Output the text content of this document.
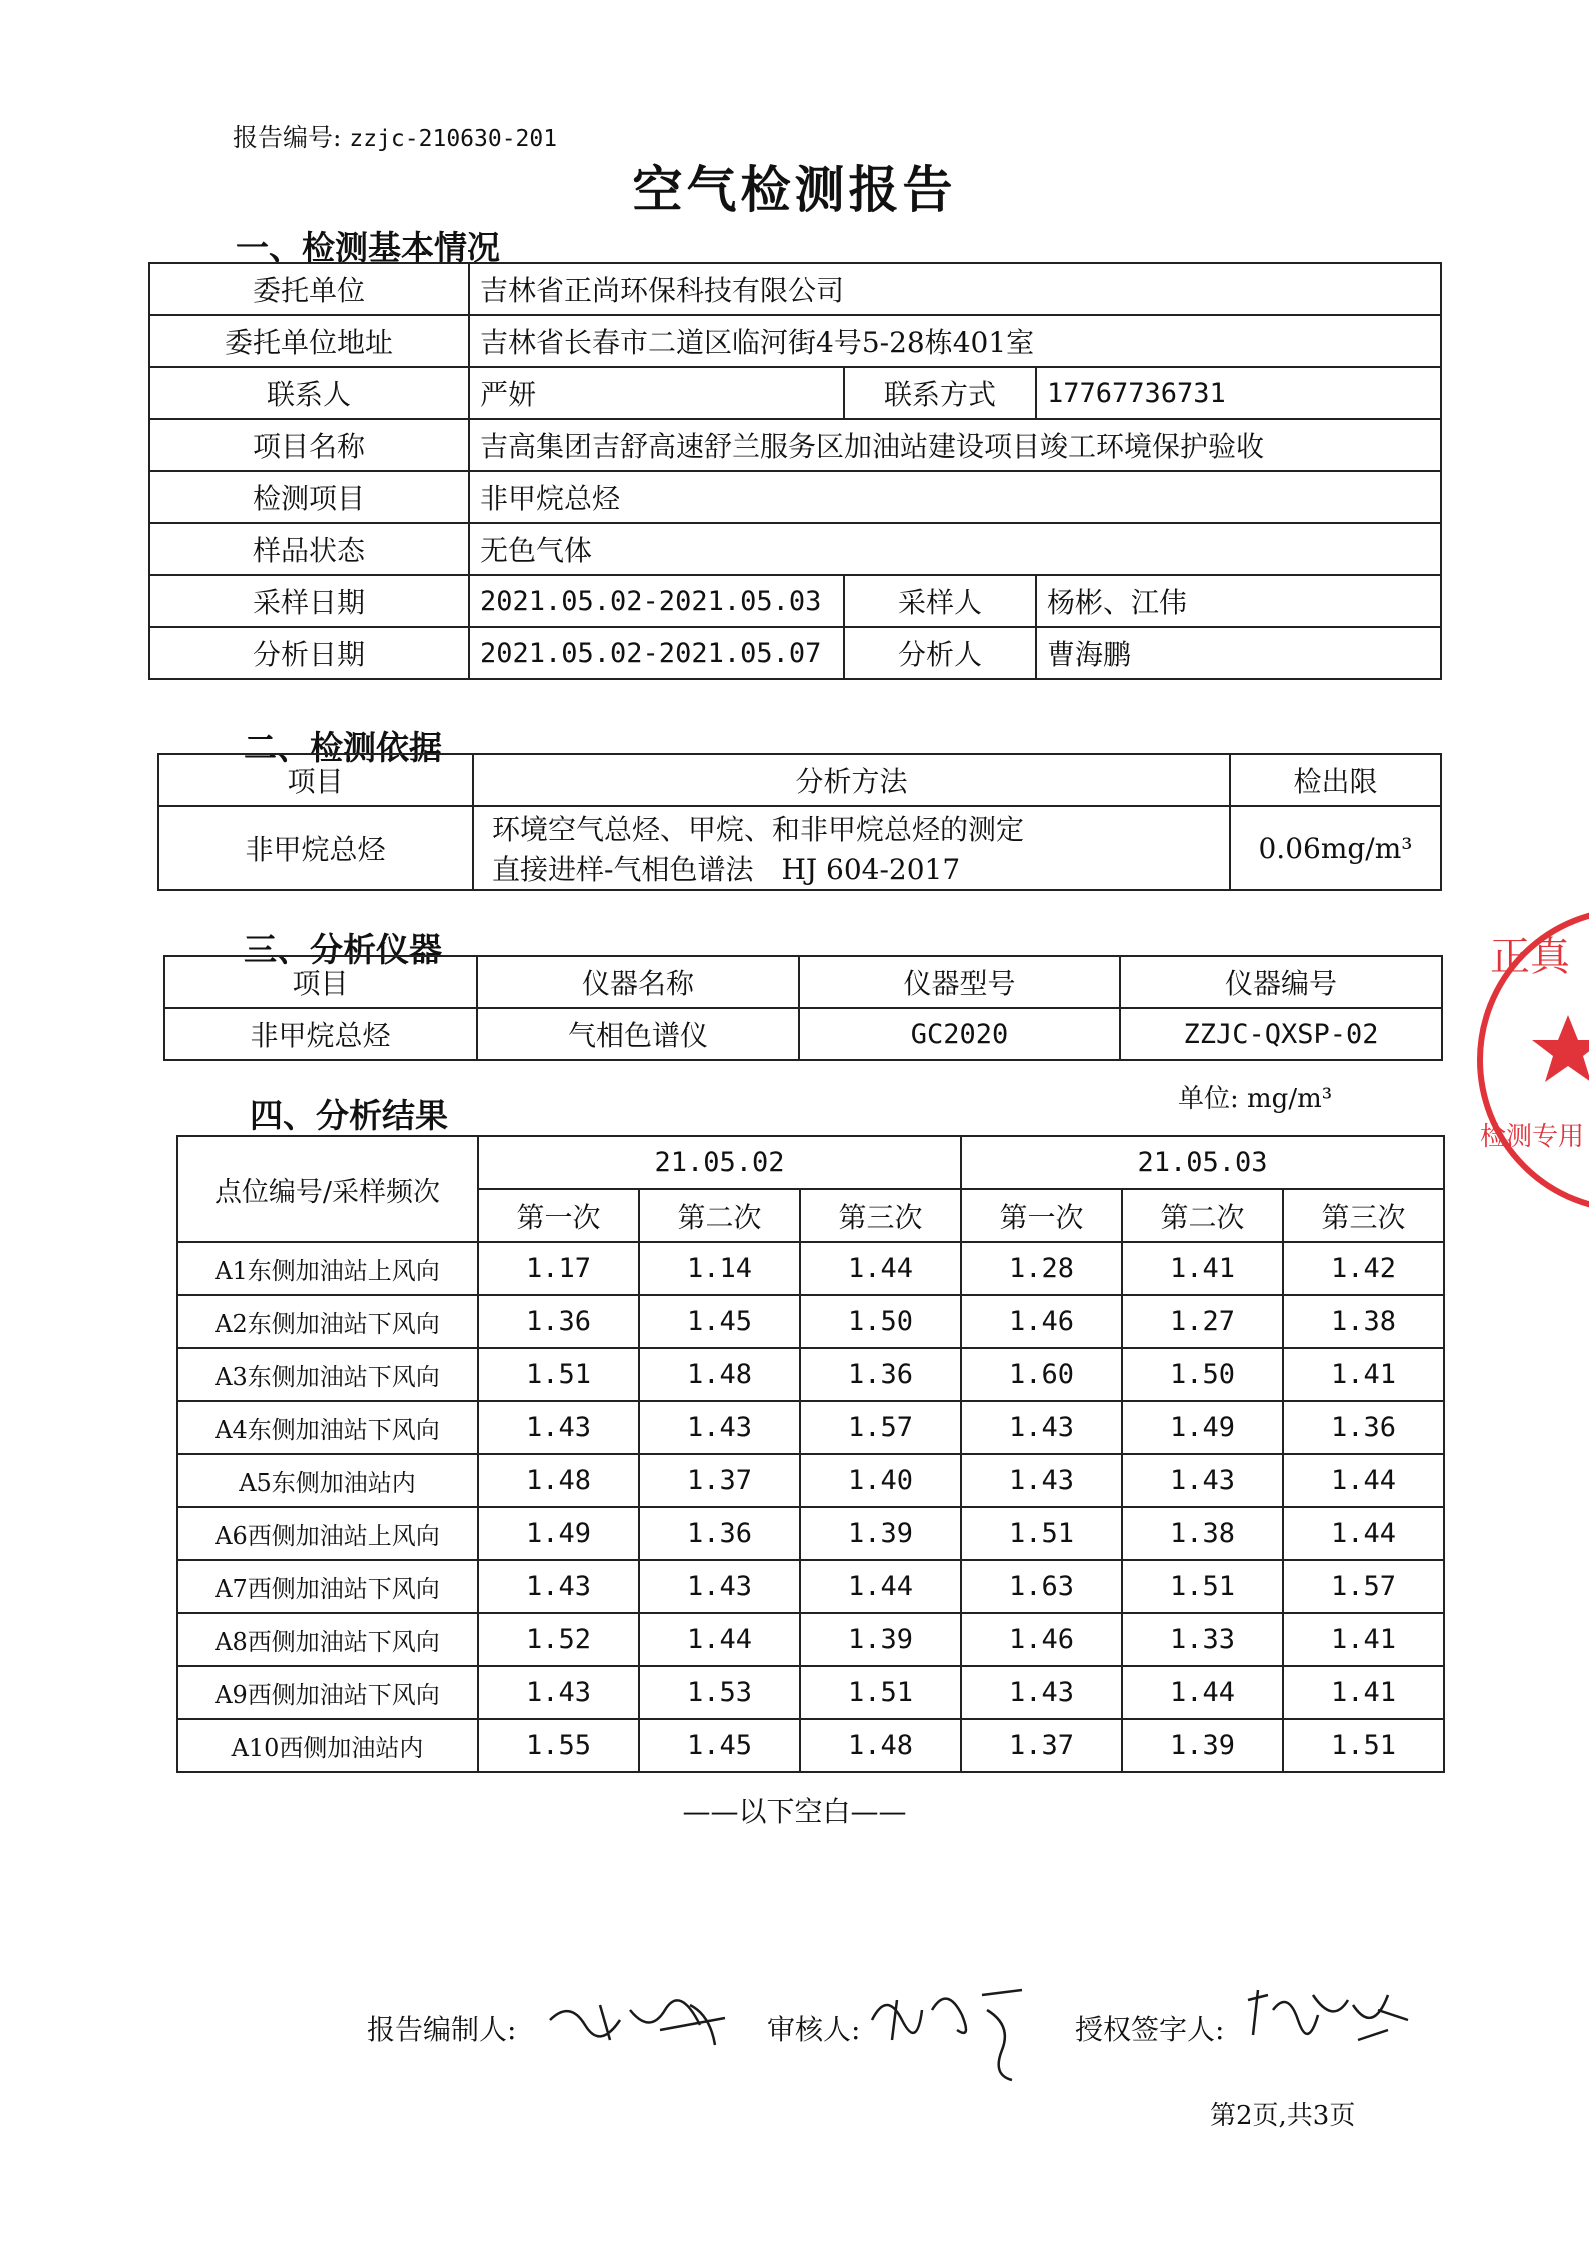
报告编号: zzjc-210630-201
空气检测报告
一、检测基本情况
委托单位	吉林省正尚环保科技有限公司		
委托单位地址	吉林省长春市二道区临河街4号5-28栋401室		
联系人	严妍	联系方式	17767736731
项目名称	吉高集团吉舒高速舒兰服务区加油站建设项目竣工环境保护验收		
检测项目	非甲烷总烃		
样品状态	无色气体		
采样日期	2021.05.02-2021.05.03	采样人	杨彬、江伟
分析日期	2021.05.02-2021.05.07	分析人	曹海鹏
二、检测依据
项目	分析方法	检出限
非甲烷总烃	环境空气总烃、甲烷、和非甲烷总烃的测定
直接进样-气相色谱法　HJ 604-2017	0.06mg/m³
三、分析仪器
项目	仪器名称	仪器型号	仪器编号
非甲烷总烃	气相色谱仪	GC2020	ZZJC-QXSP-02
四、分析结果	单位: mg/m³
点位编号/采样频次	21.05.02			21.05.03		
	第一次	第二次	第三次	第一次	第二次	第三次
A1东侧加油站上风向	1.17	1.14	1.44	1.28	1.41	1.42
A2东侧加油站下风向	1.36	1.45	1.50	1.46	1.27	1.38
A3东侧加油站下风向	1.51	1.48	1.36	1.60	1.50	1.41
A4东侧加油站下风向	1.43	1.43	1.57	1.43	1.49	1.36
A5东侧加油站内	1.48	1.37	1.40	1.43	1.43	1.44
A6西侧加油站上风向	1.49	1.36	1.39	1.51	1.38	1.44
A7西侧加油站下风向	1.43	1.43	1.44	1.63	1.51	1.57
A8西侧加油站下风向	1.52	1.44	1.39	1.46	1.33	1.41
A9西侧加油站下风向	1.43	1.53	1.51	1.43	1.44	1.41
A10西侧加油站内	1.55	1.45	1.48	1.37	1.39	1.51
——以下空白——
报告编制人:	审核人:	授权签字人:
第2页,共3页
正真
检测专用
